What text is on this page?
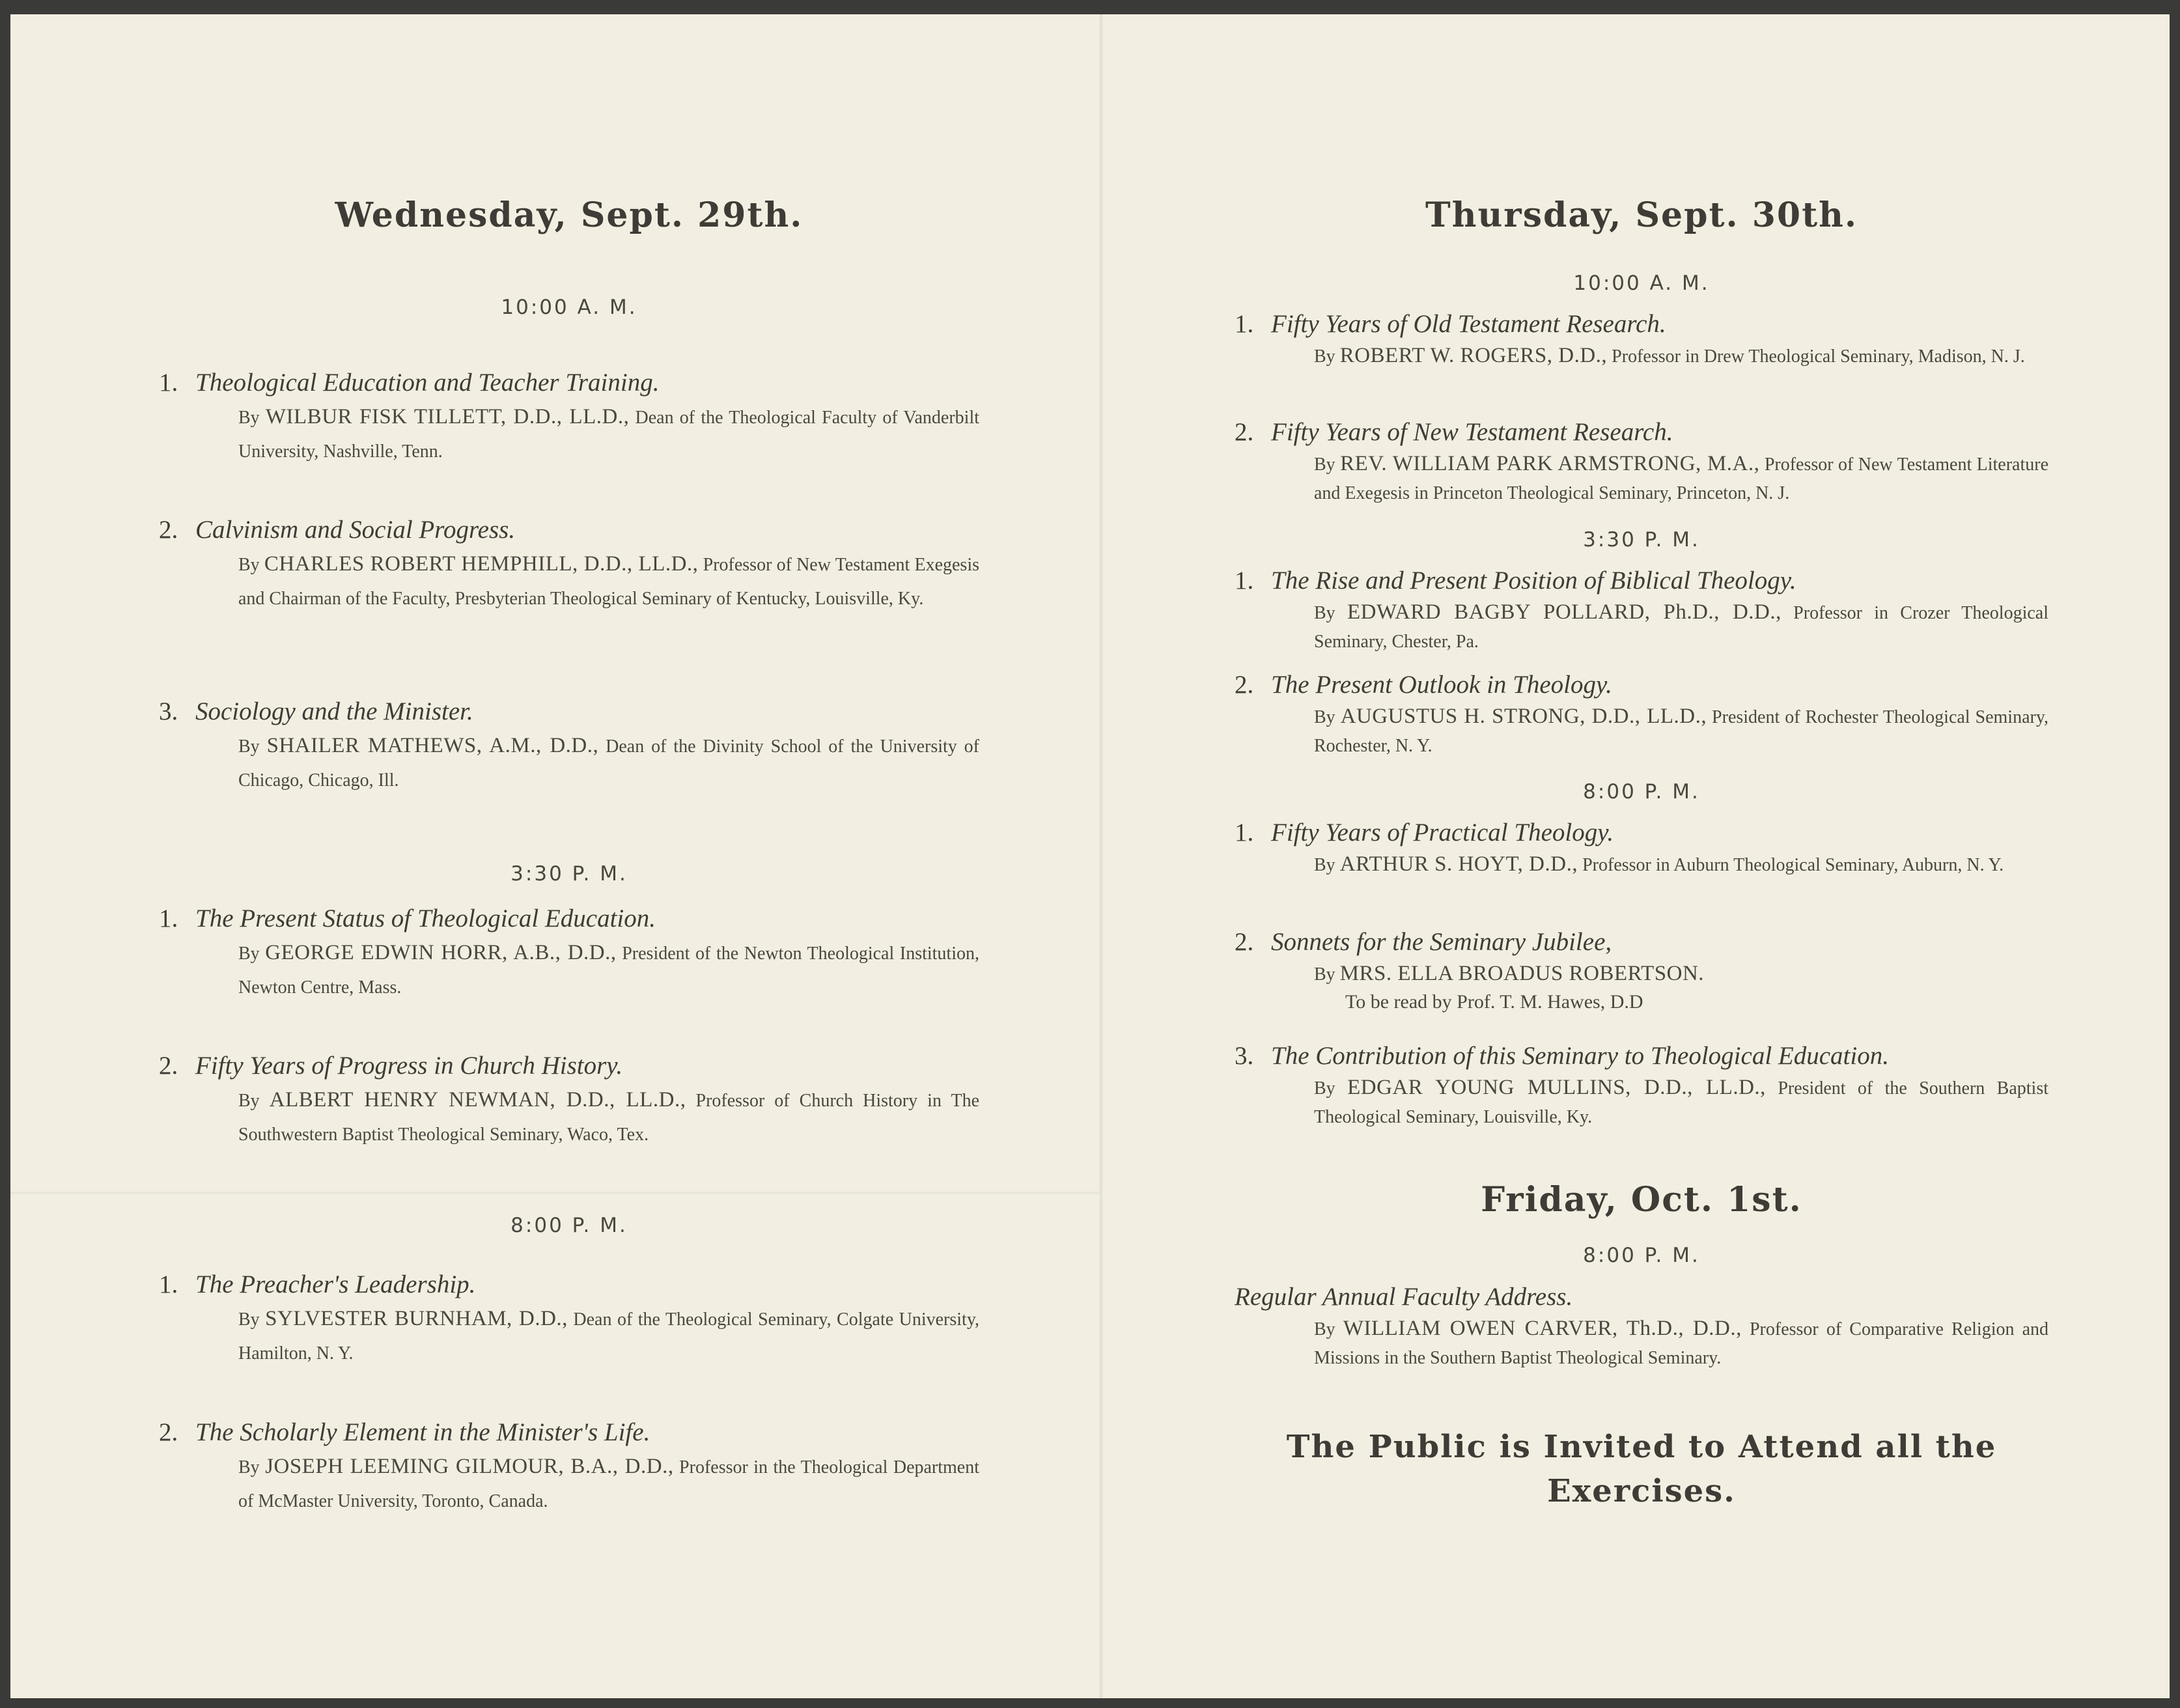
Wednesday, Sept. 29th.
10:00 A. M.
1. Theological Education and Teacher Training.
By WILBUR FISK TILLETT, D.D., LL.D., Dean of the Theological Faculty of Vanderbilt University, Nashville, Tenn.
2. Calvinism and Social Progress.
By CHARLES ROBERT HEMPHILL, D.D., LL.D., Professor of New Testament Exegesis and Chairman of the Faculty, Presbyterian Theological Seminary of Kentucky, Louisville, Ky.
3. Sociology and the Minister.
By SHAILER MATHEWS, A.M., D.D., Dean of the Divinity School of the University of Chicago, Chicago, Ill.
3:30 P. M.
1. The Present Status of Theological Education.
By GEORGE EDWIN HORR, A.B., D.D., President of the Newton Theological Institution, Newton Centre, Mass.
2. Fifty Years of Progress in Church History.
By ALBERT HENRY NEWMAN, D.D., LL.D., Professor of Church History in The Southwestern Baptist Theological Seminary, Waco, Tex.
8:00 P. M.
1. The Preacher's Leadership.
By SYLVESTER BURNHAM, D.D., Dean of the Theological Seminary, Colgate University, Hamilton, N. Y.
2. The Scholarly Element in the Minister's Life.
By JOSEPH LEEMING GILMOUR, B.A., D.D., Professor in the Theological Department of McMaster University, Toronto, Canada.
Thursday, Sept. 30th.
10:00 A. M.
1. Fifty Years of Old Testament Research.
By ROBERT W. ROGERS, D.D., Professor in Drew Theological Seminary, Madison, N. J.
2. Fifty Years of New Testament Research.
By REV. WILLIAM PARK ARMSTRONG, M.A., Professor of New Testament Literature and Exegesis in Princeton Theological Seminary, Princeton, N. J.
3:30 P. M.
1. The Rise and Present Position of Biblical Theology.
By EDWARD BAGBY POLLARD, Ph.D., D.D., Professor in Crozer Theological Seminary, Chester, Pa.
2. The Present Outlook in Theology.
By AUGUSTUS H. STRONG, D.D., LL.D., President of Rochester Theological Seminary, Rochester, N. Y.
8:00 P. M.
1. Fifty Years of Practical Theology.
By ARTHUR S. HOYT, D.D., Professor in Auburn Theological Seminary, Auburn, N. Y.
2. Sonnets for the Seminary Jubilee,
By MRS. ELLA BROADUS ROBERTSON.
To be read by Prof. T. M. Hawes, D.D
3. The Contribution of this Seminary to Theological Education.
By EDGAR YOUNG MULLINS, D.D., LL.D., President of the Southern Baptist Theological Seminary, Louisville, Ky.
Friday, Oct. 1st.
8:00 P. M.
Regular Annual Faculty Address.
By WILLIAM OWEN CARVER, Th.D., D.D., Professor of Comparative Religion and Missions in the Southern Baptist Theological Seminary.
The Public is Invited to Attend all the
Exercises.
